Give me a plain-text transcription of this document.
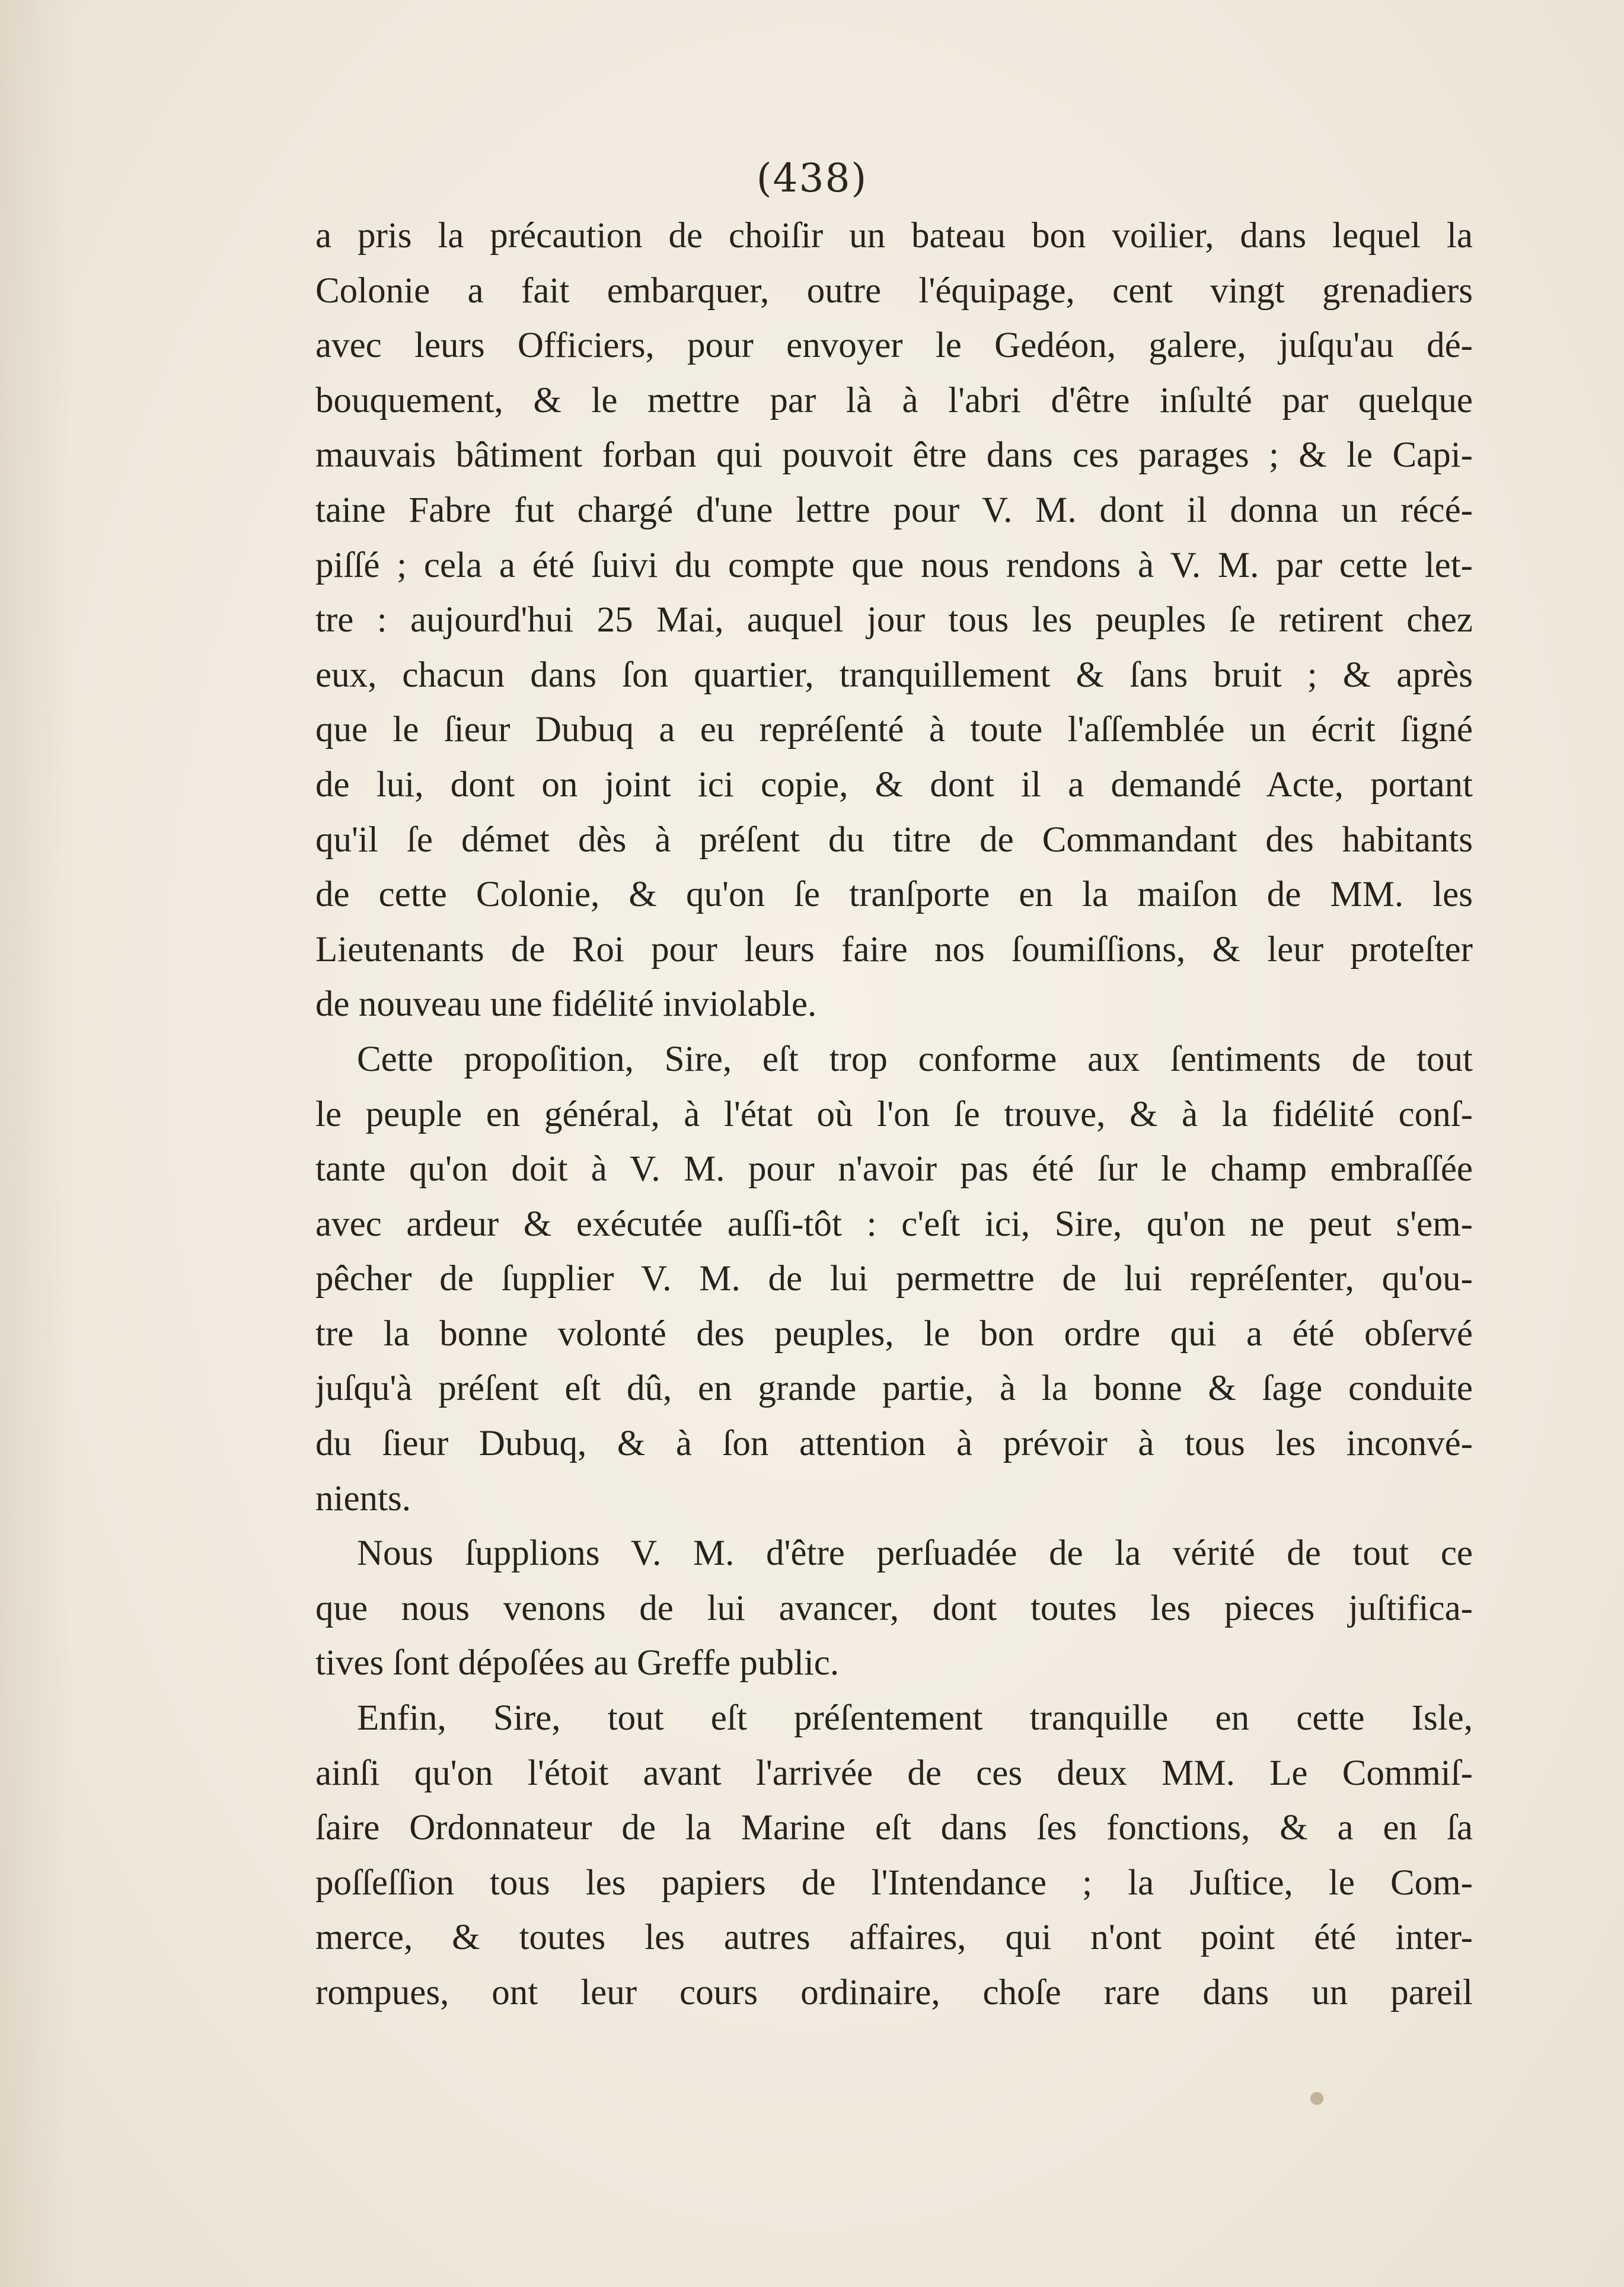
(438)
a pris la précaution de choiſir un bateau bon voilier, dans lequel la
Colonie a fait embarquer, outre l'équipage, cent vingt grenadiers
avec leurs Officiers, pour envoyer le Gedéon, galere, juſqu'au dé-
bouquement, & le mettre par là à l'abri d'être inſulté par quelque
mauvais bâtiment forban qui pouvoit être dans ces parages ; & le Capi-
taine Fabre fut chargé d'une lettre pour V. M. dont il donna un récé-
piſſé ; cela a été ſuivi du compte que nous rendons à V. M. par cette let-
tre : aujourd'hui 25 Mai, auquel jour tous les peuples ſe retirent chez
eux, chacun dans ſon quartier, tranquillement & ſans bruit ; & après
que le ſieur Dubuq a eu repréſenté à toute l'aſſemblée un écrit ſigné
de lui, dont on joint ici copie, & dont il a demandé Acte, portant
qu'il ſe démet dès à préſent du titre de Commandant des habitants
de cette Colonie, & qu'on ſe tranſporte en la maiſon de MM. les
Lieutenants de Roi pour leurs faire nos ſoumiſſions, & leur proteſter
de nouveau une fidélité inviolable.
Cette propoſition, Sire, eſt trop conforme aux ſentiments de tout
le peuple en général, à l'état où l'on ſe trouve, & à la fidélité conſ-
tante qu'on doit à V. M. pour n'avoir pas été ſur le champ embraſſée
avec ardeur & exécutée auſſi-tôt : c'eſt ici, Sire, qu'on ne peut s'em-
pêcher de ſupplier V. M. de lui permettre de lui repréſenter, qu'ou-
tre la bonne volonté des peuples, le bon ordre qui a été obſervé
juſqu'à préſent eſt dû, en grande partie, à la bonne & ſage conduite
du ſieur Dubuq, & à ſon attention à prévoir à tous les inconvé-
nients.
Nous ſupplions V. M. d'être perſuadée de la vérité de tout ce
que nous venons de lui avancer, dont toutes les pieces juſtifica-
tives ſont dépoſées au Greffe public.
Enfin, Sire, tout eſt préſentement tranquille en cette Isle,
ainſi qu'on l'étoit avant l'arrivée de ces deux MM. Le Commiſ-
ſaire Ordonnateur de la Marine eſt dans ſes fonctions, & a en ſa
poſſeſſion tous les papiers de l'Intendance ; la Juſtice, le Com-
merce, & toutes les autres affaires, qui n'ont point été inter-
rompues, ont leur cours ordinaire, choſe rare dans un pareil
